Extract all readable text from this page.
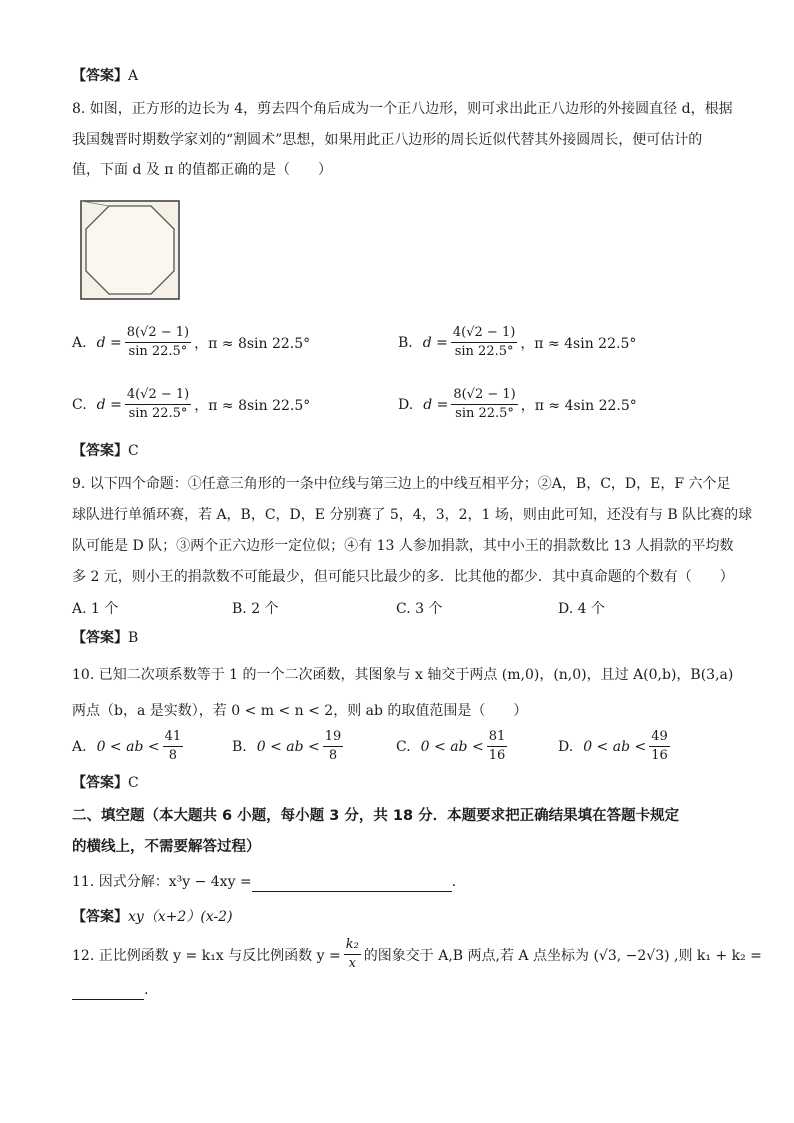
【答案】A
8. 如图，正方形的边长为 4，剪去四个角后成为一个正八边形，则可求出此正八边形的外接圆直径 d，根据
我国魏晋时期数学家刘的“割圆术”思想，如果用此正八边形的周长近似代替其外接圆周长，便可估计的
值，下面 d 及 π 的值都正确的是（　　）
A. $d = \frac{8(√2 - 1)}{\sin 22.5^\circ}$ ，π ≈ 8sin 22.5°	B. $d = \frac{4(√2 - 1)}{\sin 22.5^\circ}$ ，π ≈ 4sin 22.5°
C. $d = \frac{4(√2 - 1)}{\sin 22.5^\circ}$ ，π ≈ 8sin 22.5°	D. $d = \frac{8(√2 - 1)}{\sin 22.5^\circ}$ ，π ≈ 4sin 22.5°
【答案】C
9. 以下四个命题：①任意三角形的一条中位线与第三边上的中线互相平分；②A，B，C，D，E，F 六个足
球队进行单循环赛，若 A，B，C，D，E 分别赛了 5，4，3，2，1 场，则由此可知，还没有与 B 队比赛的球
队可能是 D 队；③两个正六边形一定位似；④有 13 人参加捐款，其中小王的捐款数比 13 人捐款的平均数
多 2 元，则小王的捐款数不可能最少，但可能只比最少的多．比其他的都少．其中真命题的个数有（　　）
A. 1 个	B. 2 个	C. 3 个	D. 4 个
【答案】B
10. 已知二次项系数等于 1 的一个二次函数，其图象与 x 轴交于两点 (m,0)，(n,0)，且过 A(0,b)，B(3,a)
两点（b，a 是实数），若 0 < m < n < 2，则 ab 的取值范围是（　　）
A. 0 < ab < $\frac{41}{8}$	B. 0 < ab < $\frac{19}{8}$	C. 0 < ab < $\frac{81}{16}$	D. 0 < ab < $\frac{49}{16}$
【答案】C
二、填空题（本大题共 6 小题，每小题 3 分，共 18 分．本题要求把正确结果填在答题卡规定
的横线上，不需要解答过程）
11. 因式分解：x³y − 4xy =	.
【答案】xy（x+2）(x-2)
12. 正比例函数 y = k₁x 与反比例函数 $y = \frac{\text{k₂}}{x}$ 的图象交于 A,B 两点,若 A 点坐标为 (√3, −2√3) ,则 k₁ + k₂ =
.
